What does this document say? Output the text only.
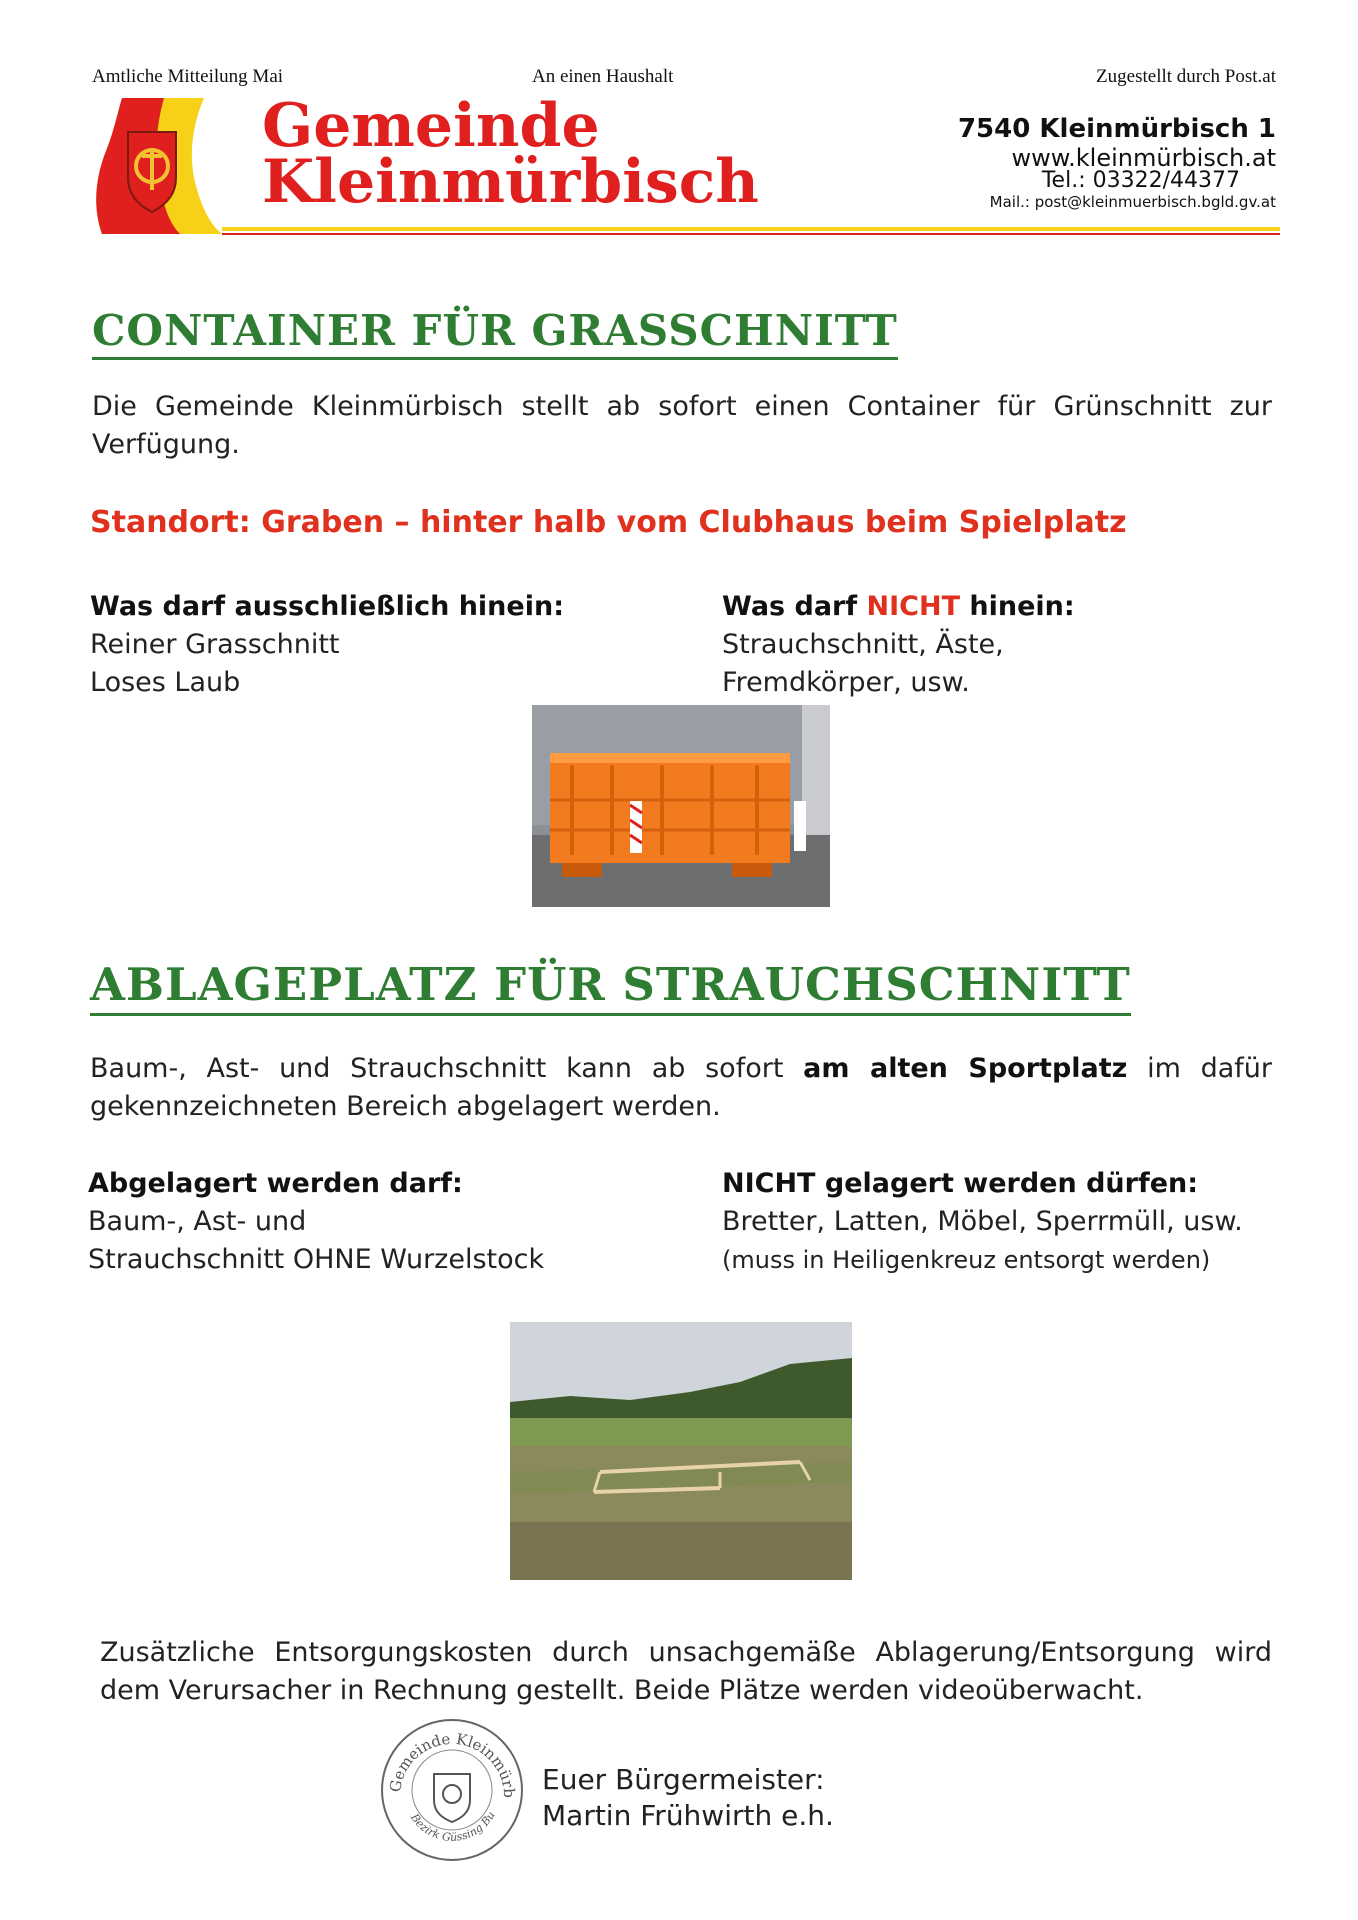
Amtliche Mitteilung Mai	An einen Haushalt	Zugestellt durch Post.at
Gemeinde
Kleinmürbisch
7540 Kleinmürbisch 1
www.kleinmürbisch.at
Tel.: 03322/44377
Mail.: post@kleinmuerbisch.bgld.gv.at
CONTAINER FÜR GRASSCHNITT
Die Gemeinde Kleinmürbisch stellt ab sofort einen Container für Grünschnitt zur Verfügung.
Standort: Graben – hinter halb vom Clubhaus beim Spielplatz
Was darf ausschließlich hinein:
Reiner Grasschnitt
Loses Laub
Was darf NICHT hinein:
Strauchschnitt, Äste,
Fremdkörper, usw.
ABLAGEPLATZ FÜR STRAUCHSCHNITT
Baum-, Ast- und Strauchschnitt kann ab sofort am alten Sportplatz im dafür gekennzeichneten Bereich abgelagert werden.
Abgelagert werden darf:
Baum-, Ast- und
Strauchschnitt OHNE Wurzelstock
NICHT gelagert werden dürfen:
Bretter, Latten, Möbel, Sperrmüll, usw.
(muss in Heiligenkreuz entsorgt werden)
Zusätzliche Entsorgungskosten durch unsachgemäße Ablagerung/Entsorgung wird dem Verursacher in Rechnung gestellt. Beide Plätze werden videoüberwacht.
Gemeinde Kleinmürb
Bezirk Güssing Bu
Euer Bürgermeister:
Martin Frühwirth e.h.
